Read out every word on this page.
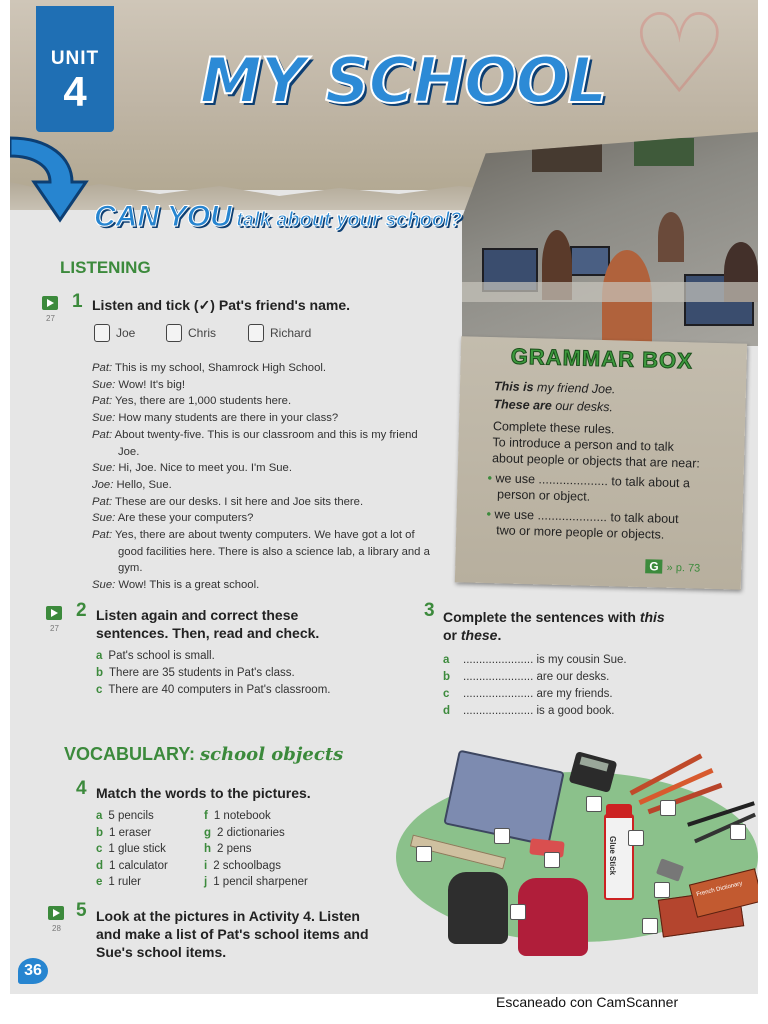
♡
UNIT
4	MY SCHOOL
CAN YOU talk about your school?
LISTENING
27
1 Listen and tick (✓) Pat's friend's name.
Joe	Chris	Richard

Pat: This is my school, Shamrock High School.

Sue: Wow! It's big!

Pat: Yes, there are 1,000 students here.

Sue: How many students are there in your class?

Pat: About twenty-five. This is our classroom and this is my friend Joe.

Sue: Hi, Joe. Nice to meet you. I'm Sue.

Joe: Hello, Sue.

Pat: These are our desks. I sit here and Joe sits there.

Sue: Are these your computers?

Pat: Yes, there are about twenty computers. We have got a lot of good facilities here. There is also a science lab, a library and a gym.

Sue: Wow! This is a great school.

GRAMMAR BOX
This is my friend Joe.
These are our desks.
Complete these rules.
To introduce a person and to talk
about people or objects that are near:
• we use .................... to talk about a
person or object.
• we use .................... to talk about
two or more people or objects.
G » p. 73
27
2 Listen again and correct these
sentences. Then, read and check.
a Pat's school is small.
b There are 35 students in Pat's class.
c There are 40 computers in Pat's classroom.
3 Complete the sentences with this
or these.
a ...................... is my cousin Sue.
b ...................... are our desks.
c ...................... are my friends.
d ...................... is a good book.
VOCABULARY: school objects
4 Match the words to the pictures.
a 5 pencils
b 1 eraser
c 1 glue stick
d 1 calculator
e 1 ruler
f 1 notebook
g 2 dictionaries
h 2 pens
i 2 schoolbags
j 1 pencil sharpener
28
5 Look at the pictures in Activity 4. Listen
and make a list of Pat's school items and
Sue's school items.
Glue Stick
French Dictionary
36
Escaneado con CamScanner
